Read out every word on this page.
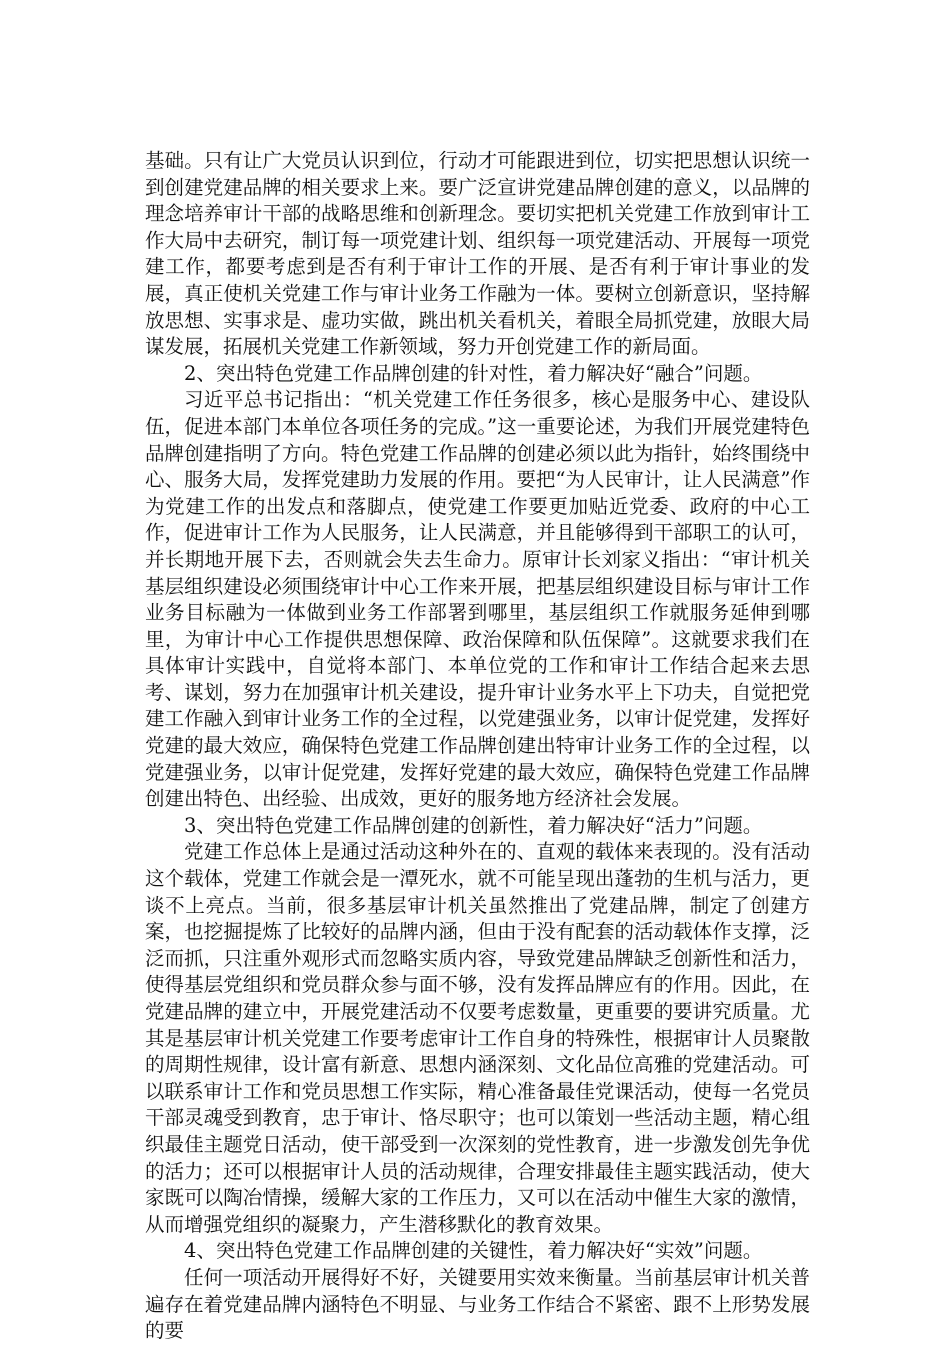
基础。只有让广大党员认识到位，行动才可能跟进到位，切实把思想认识统一到创建党建品牌的相关要求上来。要广泛宣讲党建品牌创建的意义，以品牌的理念培养审计干部的战略思维和创新理念。要切实把机关党建工作放到审计工作大局中去研究，制订每一项党建计划、组织每一项党建活动、开展每一项党建工作，都要考虑到是否有利于审计工作的开展、是否有利于审计事业的发展，真正使机关党建工作与审计业务工作融为一体。要树立创新意识，坚持解放思想、实事求是、虚功实做，跳出机关看机关，着眼全局抓党建，放眼大局谋发展，拓展机关党建工作新领域，努力开创党建工作的新局面。

2、突出特色党建工作品牌创建的针对性，着力解决好“融合”问题。

习近平总书记指出：“机关党建工作任务很多，核心是服务中心、建设队伍，促进本部门本单位各项任务的完成。”这一重要论述，为我们开展党建特色品牌创建指明了方向。特色党建工作品牌的创建必须以此为指针，始终围绕中心、服务大局，发挥党建助力发展的作用。要把“为人民审计，让人民满意”作为党建工作的出发点和落脚点，使党建工作要更加贴近党委、政府的中心工作，促进审计工作为人民服务，让人民满意，并且能够得到干部职工的认可，并长期地开展下去，否则就会失去生命力。原审计长刘家义指出：“审计机关基层组织建设必须围绕审计中心工作来开展，把基层组织建设目标与审计工作业务目标融为一体做到业务工作部署到哪里，基层组织工作就服务延伸到哪里，为审计中心工作提供思想保障、政治保障和队伍保障”。这就要求我们在具体审计实践中，自觉将本部门、本单位党的工作和审计工作结合起来去思考、谋划，努力在加强审计机关建设，提升审计业务水平上下功夫，自觉把党建工作融入到审计业务工作的全过程，以党建强业务，以审计促党建，发挥好党建的最大效应，确保特色党建工作品牌创建出特审计业务工作的全过程，以党建强业务，以审计促党建，发挥好党建的最大效应，确保特色党建工作品牌创建出特色、出经验、出成效，更好的服务地方经济社会发展。

3、突出特色党建工作品牌创建的创新性，着力解决好“活力”问题。

党建工作总体上是通过活动这种外在的、直观的载体来表现的。没有活动这个载体，党建工作就会是一潭死水，就不可能呈现出蓬勃的生机与活力，更谈不上亮点。当前，很多基层审计机关虽然推出了党建品牌，制定了创建方案，也挖掘提炼了比较好的品牌内涵，但由于没有配套的活动载体作支撑，泛泛而抓，只注重外观形式而忽略实质内容，导致党建品牌缺乏创新性和活力，使得基层党组织和党员群众参与面不够，没有发挥品牌应有的作用。因此，在党建品牌的建立中，开展党建活动不仅要考虑数量，更重要的要讲究质量。尤其是基层审计机关党建工作要考虑审计工作自身的特殊性，根据审计人员聚散的周期性规律，设计富有新意、思想内涵深刻、文化品位高雅的党建活动。可以联系审计工作和党员思想工作实际，精心准备最佳党课活动，使每一名党员干部灵魂受到教育，忠于审计、恪尽职守；也可以策划一些活动主题，精心组织最佳主题党日活动，使干部受到一次深刻的党性教育，进一步激发创先争优的活力；还可以根据审计人员的活动规律，合理安排最佳主题实践活动，使大家既可以陶冶情操，缓解大家的工作压力，又可以在活动中催生大家的激情，从而增强党组织的凝聚力，产生潜移默化的教育效果。

4、突出特色党建工作品牌创建的关键性，着力解决好“实效”问题。

任何一项活动开展得好不好，关键要用实效来衡量。当前基层审计机关普遍存在着党建品牌内涵特色不明显、与业务工作结合不紧密、跟不上形势发展的要
